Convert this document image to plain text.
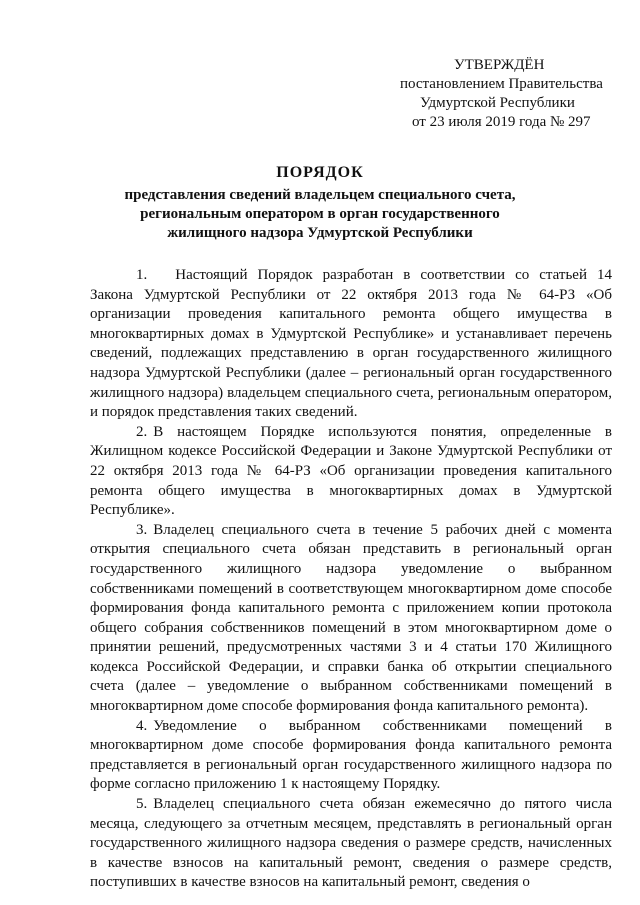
УТВЕРЖДЁН
постановлением Правительства
Удмуртской Республики
от 23 июля 2019 года № 297
ПОРЯДОК
представления сведений владельцем специального счета,
региональным оператором в орган государственного
жилищного надзора Удмуртской Республики

1. Настоящий Порядок разработан в соответствии со статьей 14 Закона Удмуртской Республики от 22 октября 2013 года № 64-РЗ «Об организации проведения капитального ремонта общего имущества в многоквартирных домах в Удмуртской Республике» и устанавливает перечень сведений, подлежащих представлению в орган государственного жилищного надзора Удмуртской Республики (далее – региональный орган государственного жилищного надзора) владельцем специального счета, региональным оператором, и порядок представления таких сведений.

2. В настоящем Порядке используются понятия, определенные в Жилищном кодексе Российской Федерации и Законе Удмуртской Республики от 22 октября 2013 года № 64-РЗ «Об организации проведения капитального ремонта общего имущества в многоквартирных домах в Удмуртской Республике».

3. Владелец специального счета в течение 5 рабочих дней с момента открытия специального счета обязан представить в региональный орган государственного жилищного надзора уведомление о выбранном собственниками помещений в соответствующем многоквартирном доме способе формирования фонда капитального ремонта с приложением копии протокола общего собрания собственников помещений в этом многоквартирном доме о принятии решений, предусмотренных частями 3 и 4 статьи 170 Жилищного кодекса Российской Федерации, и справки банка об открытии специального счета (далее – уведомление о выбранном собственниками помещений в многоквартирном доме способе формирования фонда капитального ремонта).

4. Уведомление о выбранном собственниками помещений в многоквартирном доме способе формирования фонда капитального ремонта представляется в региональный орган государственного жилищного надзора по форме согласно приложению 1 к настоящему Порядку.

5. Владелец специального счета обязан ежемесячно до пятого числа месяца, следующего за отчетным месяцем, представлять в региональный орган государственного жилищного надзора сведения о размере средств, начисленных в качестве взносов на капитальный ремонт, сведения о размере средств, поступивших в качестве взносов на капитальный ремонт, сведения о
